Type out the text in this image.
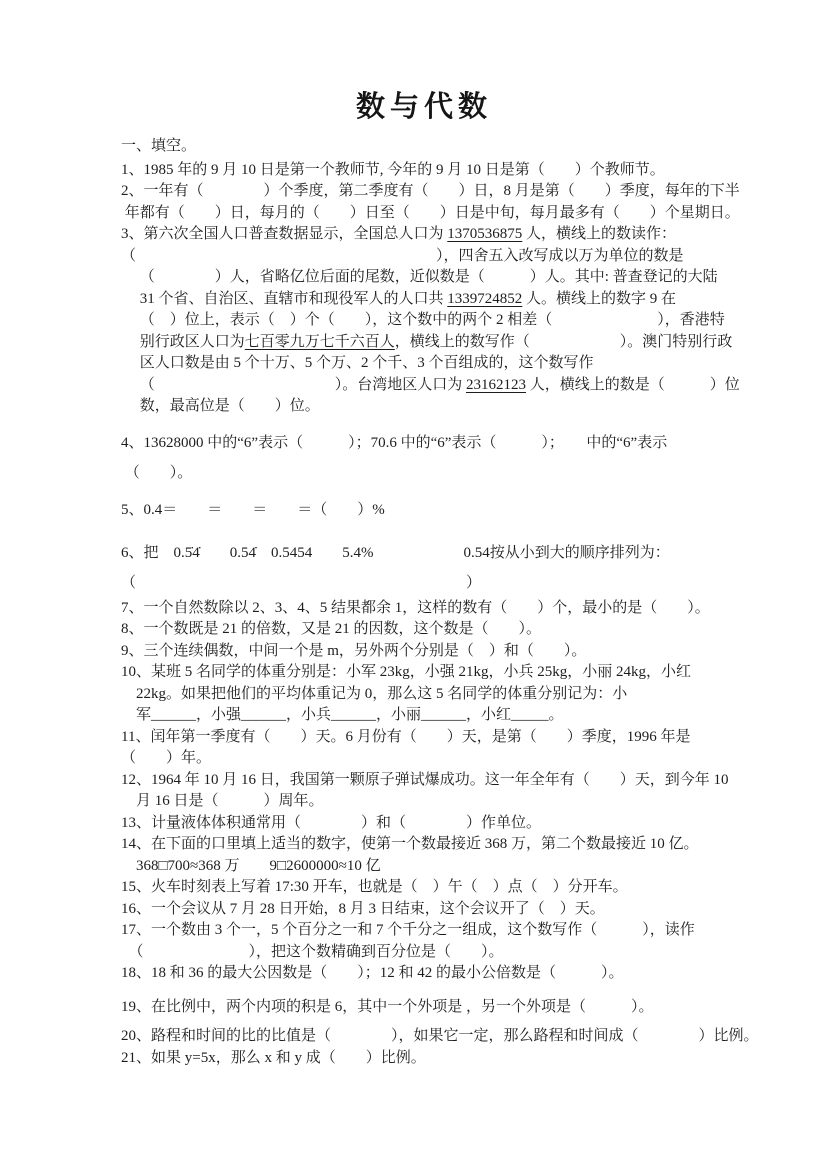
数与代数
一、填空。
1、1985 年的 9 月 10 日是第一个教师节, 今年的 9 月 10 日是第（　　）个教师节。
2、一年有（　　　　）个季度，第二季度有（　　）日，8 月是第（　　）季度，每年的下半
年都有（　　）日，每月的（　　）日至（　　）日是中旬，每月最多有（　　）个星期日。
3、第六次全国人口普查数据显示，全国总人口为 1370536875 人，横线上的数读作：
（　　　　　　　　　　　　　　　　　　　　），四舍五入改写成以万为单位的数是
　 （　　　　）人，省略亿位后面的尾数，近似数是（　　　）人。其中: 普查登记的大陆
　 31 个省、自治区、直辖市和现役军人的人口共 1339724852 人。横线上的数字 9 在
　 （　）位上，表示（　）个（　　），这个数中的两个 2 相差（　　　　　　　），香港特
　 别行政区人口为七百零九万七千六百人，横线上的数写作（　　　　　　）。澳门特别行政
　 区人口数是由 5 个十万、5 个万、2 个千、3 个百组成的，这个数写作
　 （　　　　　　　　　　　　）。台湾地区人口为 23162123 人，横线上的数是（　　　）位
　 数，最高位是（　　）位。
4、13628000 中的“6”表示（　　　）；70.6 中的“6”表示（　　　）；　　中的“6”表示
（　　）。
5、0.4＝　　＝　　＝　　＝（　　）%
6、把　0.5̇4̇　　0.54̇　0.5454　　5.4%　　　　　　0.54按从小到大的顺序排列为：
（　　　　　　　　　　　　　　　　　　　　　　）
7、一个自然数除以 2、3、4、5 结果都余 1，这样的数有（　　）个，最小的是（　　）。
8、一个数既是 21 的倍数，又是 21 的因数，这个数是（　　）。
9、三个连续偶数，中间一个是 m，另外两个分别是（　）和（　　）。
10、某班 5 名同学的体重分别是：小军 23kg，小强 21kg，小兵 25kg，小丽 24kg，小红
　22kg。如果把他们的平均体重记为 0，那么这 5 名同学的体重分别记为：小
　军______，小强______，小兵______，小丽______，小红_____。
11、闰年第一季度有（　　）天。6 月份有（　　）天，是第（　　）季度，1996 年是
（　　）年。
12、1964 年 10 月 16 日，我国第一颗原子弹试爆成功。这一年全年有（　　）天，到今年 10
　月 16 日是（　　　）周年。
13、计量液体体积通常用（　　　　）和（　　　　）作单位。
14、在下面的口里填上适当的数字，使第一个数最接近 368 万，第二个数最接近 10 亿。
　368□700≈368 万　　9□2600000≈10 亿
15、火车时刻表上写着 17:30 开车，也就是（　）午（　）点（　）分开车。
16、一个会议从 7 月 28 日开始，8 月 3 日结束，这个会议开了（　）天。
17、一个数由 3 个一，5 个百分之一和 7 个千分之一组成，这个数写作（　　　），读作
　（　　　　　　　），把这个数精确到百分位是（　　）。
18、18 和 36 的最大公因数是（　　）；12 和 42 的最小公倍数是（　　　）。
19、在比例中，两个内项的积是 6，其中一个外项是 ，另一个外项是（　　　）。
20、路程和时间的比的比值是（　　　　），如果它一定，那么路程和时间成（　　　　）比例。
21、如果 y=5x，那么 x 和 y 成（　　）比例。
